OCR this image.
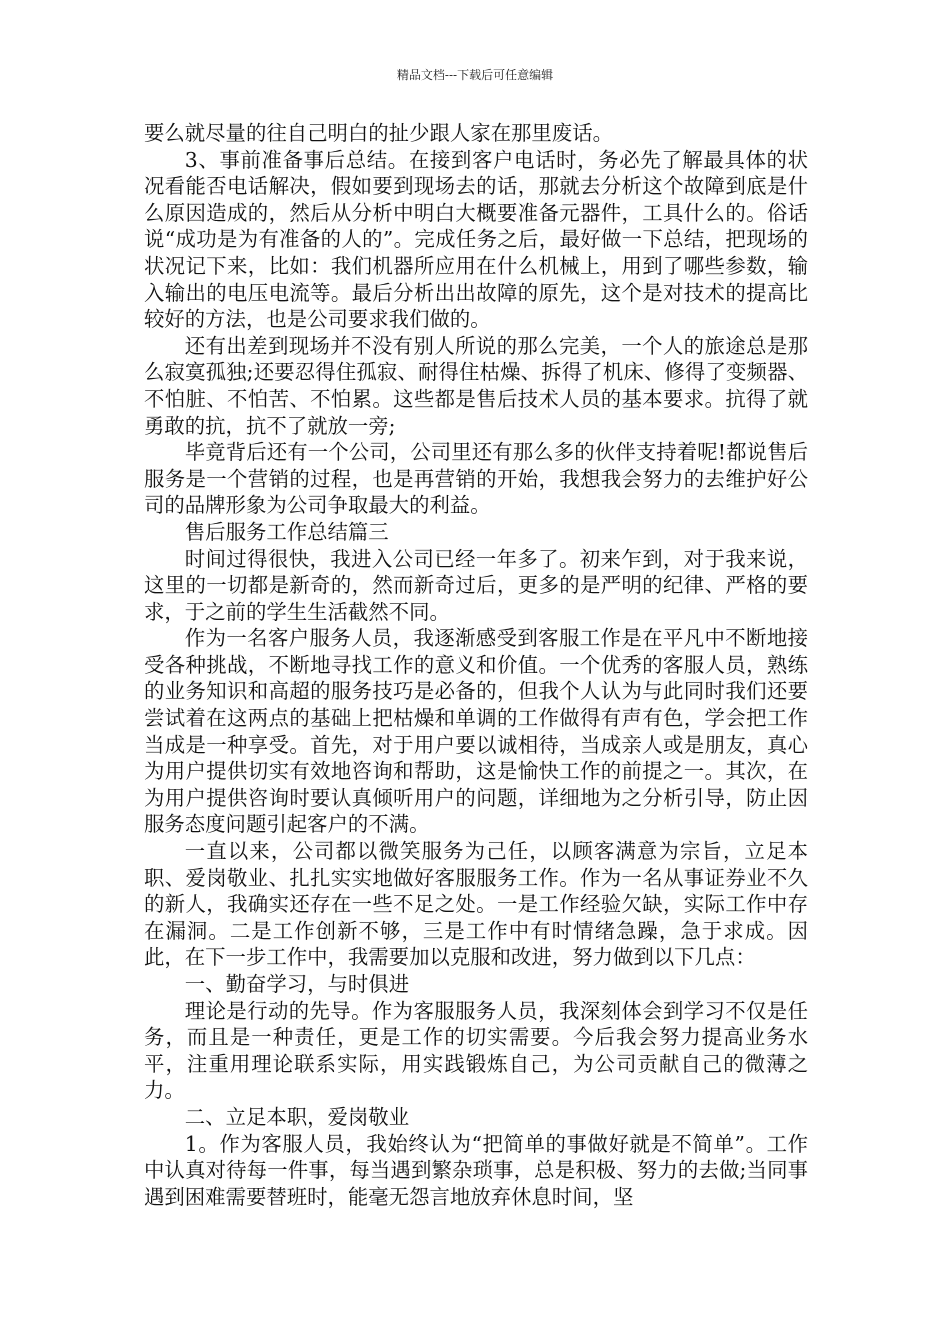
精品文档---下载后可任意编辑

要么就尽量的往自己明白的扯少跟人家在那里废话。

3、事前准备事后总结。在接到客户电话时，务必先了解最具体的状况看能否电话解决，假如要到现场去的话，那就去分析这个故障到底是什么原因造成的，然后从分析中明白大概要准备元器件，工具什么的。俗话说“成功是为有准备的人的”。完成任务之后，最好做一下总结，把现场的状况记下来，比如：我们机器所应用在什么机械上，用到了哪些参数，输入输出的电压电流等。最后分析出出故障的原先，这个是对技术的提高比较好的方法，也是公司要求我们做的。

还有出差到现场并不没有别人所说的那么完美，一个人的旅途总是那么寂寞孤独;还要忍得住孤寂、耐得住枯燥、拆得了机床、修得了变频器、不怕脏、不怕苦、不怕累。这些都是售后技术人员的基本要求。抗得了就勇敢的抗，抗不了就放一旁;

毕竟背后还有一个公司，公司里还有那么多的伙伴支持着呢!都说售后服务是一个营销的过程，也是再营销的开始，我想我会努力的去维护好公司的品牌形象为公司争取最大的利益。

售后服务工作总结篇三

时间过得很快，我进入公司已经一年多了。初来乍到，对于我来说，这里的一切都是新奇的，然而新奇过后，更多的是严明的纪律、严格的要求，于之前的学生生活截然不同。

作为一名客户服务人员，我逐渐感受到客服工作是在平凡中不断地接受各种挑战，不断地寻找工作的意义和价值。一个优秀的客服人员，熟练的业务知识和高超的服务技巧是必备的，但我个人认为与此同时我们还要尝试着在这两点的基础上把枯燥和单调的工作做得有声有色，学会把工作当成是一种享受。首先，对于用户要以诚相待，当成亲人或是朋友，真心为用户提供切实有效地咨询和帮助，这是愉快工作的前提之一。其次，在为用户提供咨询时要认真倾听用户的问题，详细地为之分析引导，防止因服务态度问题引起客户的不满。

一直以来，公司都以微笑服务为己任，以顾客满意为宗旨，立足本职、爱岗敬业、扎扎实实地做好客服服务工作。作为一名从事证券业不久的新人，我确实还存在一些不足之处。一是工作经验欠缺，实际工作中存在漏洞。二是工作创新不够，三是工作中有时情绪急躁，急于求成。因此，在下一步工作中，我需要加以克服和改进，努力做到以下几点：

一、勤奋学习，与时俱进

理论是行动的先导。作为客服服务人员，我深刻体会到学习不仅是任务，而且是一种责任，更是工作的切实需要。今后我会努力提高业务水平，注重用理论联系实际，用实践锻炼自己，为公司贡献自己的微薄之力。

二、立足本职，爱岗敬业

1。作为客服人员，我始终认为“把简单的事做好就是不简单”。工作中认真对待每一件事，每当遇到繁杂琐事，总是积极、努力的去做;当同事遇到困难需要替班时，能毫无怨言地放弃休息时间，坚
